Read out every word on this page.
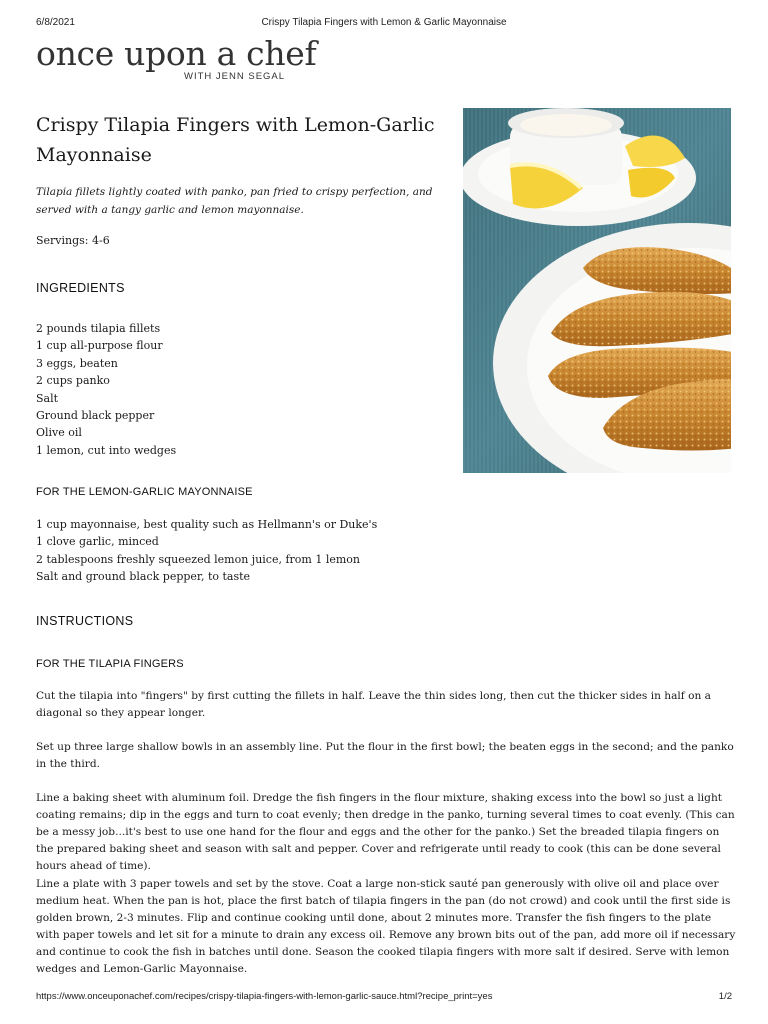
6/8/2021	Crispy Tilapia Fingers with Lemon & Garlic Mayonnaise
once upon a chef
WITH JENN SEGAL
Crispy Tilapia Fingers with Lemon-Garlic Mayonnaise

Tilapia fillets lightly coated with panko, pan fried to crispy perfection, and served with a tangy garlic and lemon mayonnaise.

Servings: 4-6
INGREDIENTS
2 pounds tilapia fillets
1 cup all-purpose flour
3 eggs, beaten
2 cups panko
Salt
Ground black pepper
Olive oil
1 lemon, cut into wedges
FOR THE LEMON-GARLIC MAYONNAISE
1 cup mayonnaise, best quality such as Hellmann's or Duke's
1 clove garlic, minced
2 tablespoons freshly squeezed lemon juice, from 1 lemon
Salt and ground black pepper, to taste
INSTRUCTIONS
FOR THE TILAPIA FINGERS

Cut the tilapia into "fingers" by first cutting the fillets in half. Leave the thin sides long, then cut the thicker sides in half on a diagonal so they appear longer.

Set up three large shallow bowls in an assembly line. Put the flour in the first bowl; the beaten eggs in the second; and the panko in the third.

Line a baking sheet with aluminum foil. Dredge the fish fingers in the flour mixture, shaking excess into the bowl so just a light coating remains; dip in the eggs and turn to coat evenly; then dredge in the panko, turning several times to coat evenly. (This can be a messy job...it's best to use one hand for the flour and eggs and the other for the panko.) Set the breaded tilapia fingers on the prepared baking sheet and season with salt and pepper. Cover and refrigerate until ready to cook (this can be done several hours ahead of time).

Line a plate with 3 paper towels and set by the stove. Coat a large non-stick sauté pan generously with olive oil and place over medium heat. When the pan is hot, place the first batch of tilapia fingers in the pan (do not crowd) and cook until the first side is golden brown, 2-3 minutes. Flip and continue cooking until done, about 2 minutes more. Transfer the fish fingers to the plate with paper towels and let sit for a minute to drain any excess oil. Remove any brown bits out of the pan, add more oil if necessary and continue to cook the fish in batches until done. Season the cooked tilapia fingers with more salt if desired. Serve with lemon wedges and Lemon-Garlic Mayonnaise.

https://www.onceuponachef.com/recipes/crispy-tilapia-fingers-with-lemon-garlic-sauce.html?recipe_print=yes	1/2
